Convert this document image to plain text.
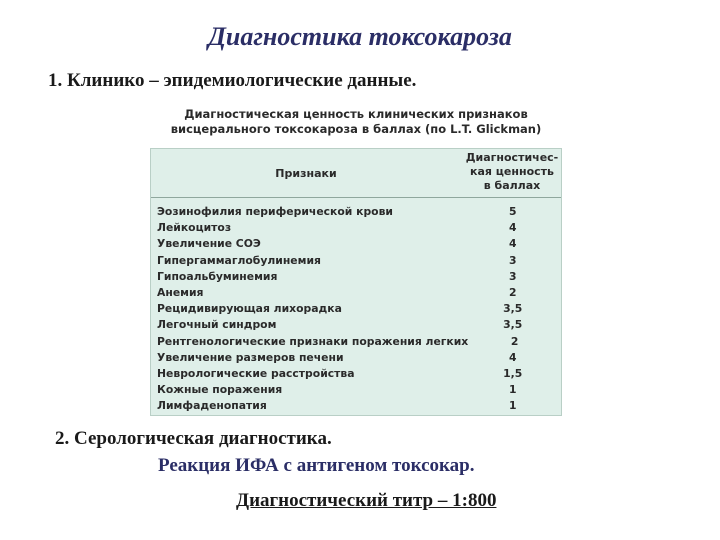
Диагностика токсокароза
1. Клинико – эпидемиологические данные.
Диагностическая ценность клинических признаков
висцерального токсокароза в баллах (по L.T. Glickman)
Признаки
Диагностичес-
кая ценность
в баллах
Эозинофилия периферической крови	5
Лейкоцитоз	4
Увеличение СОЭ	4
Гипергаммаглобулинемия	3
Гипоальбуминемия	3
Анемия	2
Рецидивирующая лихорадка	3,5
Легочный синдром	3,5
Рентгенологические признаки поражения легких	2
Увеличение размеров печени	4
Неврологические расстройства	1,5
Кожные поражения	1
Лимфаденопатия	1
2. Серологическая диагностика.
Реакция ИФА с антигеном токсокар.
Диагностический титр – 1:800
